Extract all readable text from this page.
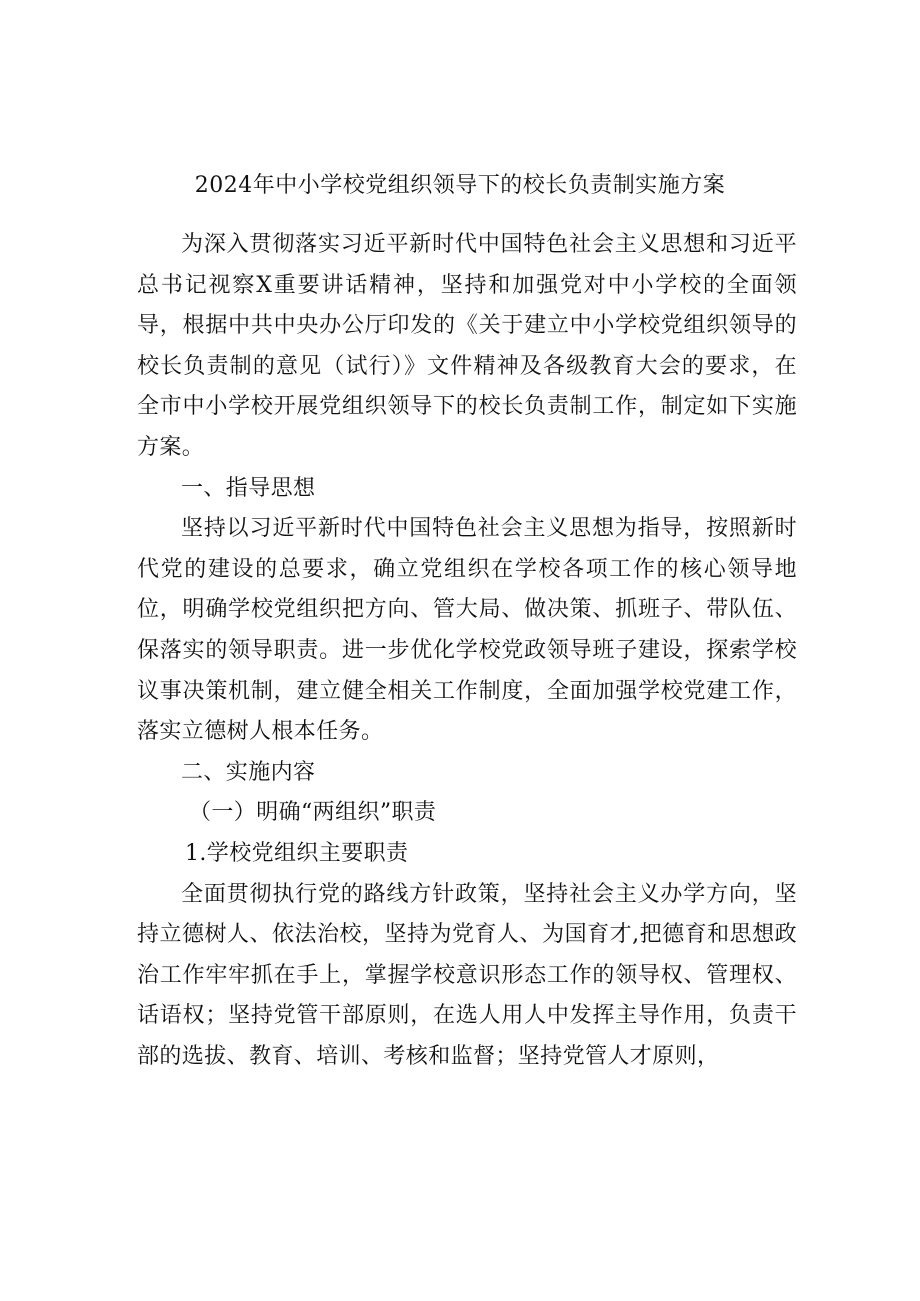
2024年中小学校党组织领导下的校长负责制实施方案

为深入贯彻落实习近平新时代中国特色社会主义思想和习近平总书记视察X重要讲话精神，坚持和加强党对中小学校的全面领导，根据中共中央办公厅印发的《关于建立中小学校党组织领导的校长负责制的意见（试行）》文件精神及各级教育大会的要求，在全市中小学校开展党组织领导下的校长负责制工作，制定如下实施方案。

一、指导思想

坚持以习近平新时代中国特色社会主义思想为指导，按照新时代党的建设的总要求，确立党组织在学校各项工作的核心领导地位，明确学校党组织把方向、管大局、做决策、抓班子、带队伍、保落实的领导职责。进一步优化学校党政领导班子建设，探索学校议事决策机制，建立健全相关工作制度，全面加强学校党建工作，落实立德树人根本任务。

二、实施内容

（一）明确“两组织”职责

1.学校党组织主要职责

全面贯彻执行党的路线方针政策，坚持社会主义办学方向，坚持立德树人、依法治校，坚持为党育人、为国育才,把德育和思想政治工作牢牢抓在手上，掌握学校意识形态工作的领导权、管理权、话语权；坚持党管干部原则，在选人用人中发挥主导作用，负责干部的选拔、教育、培训、考核和监督；坚持党管人才原则，
